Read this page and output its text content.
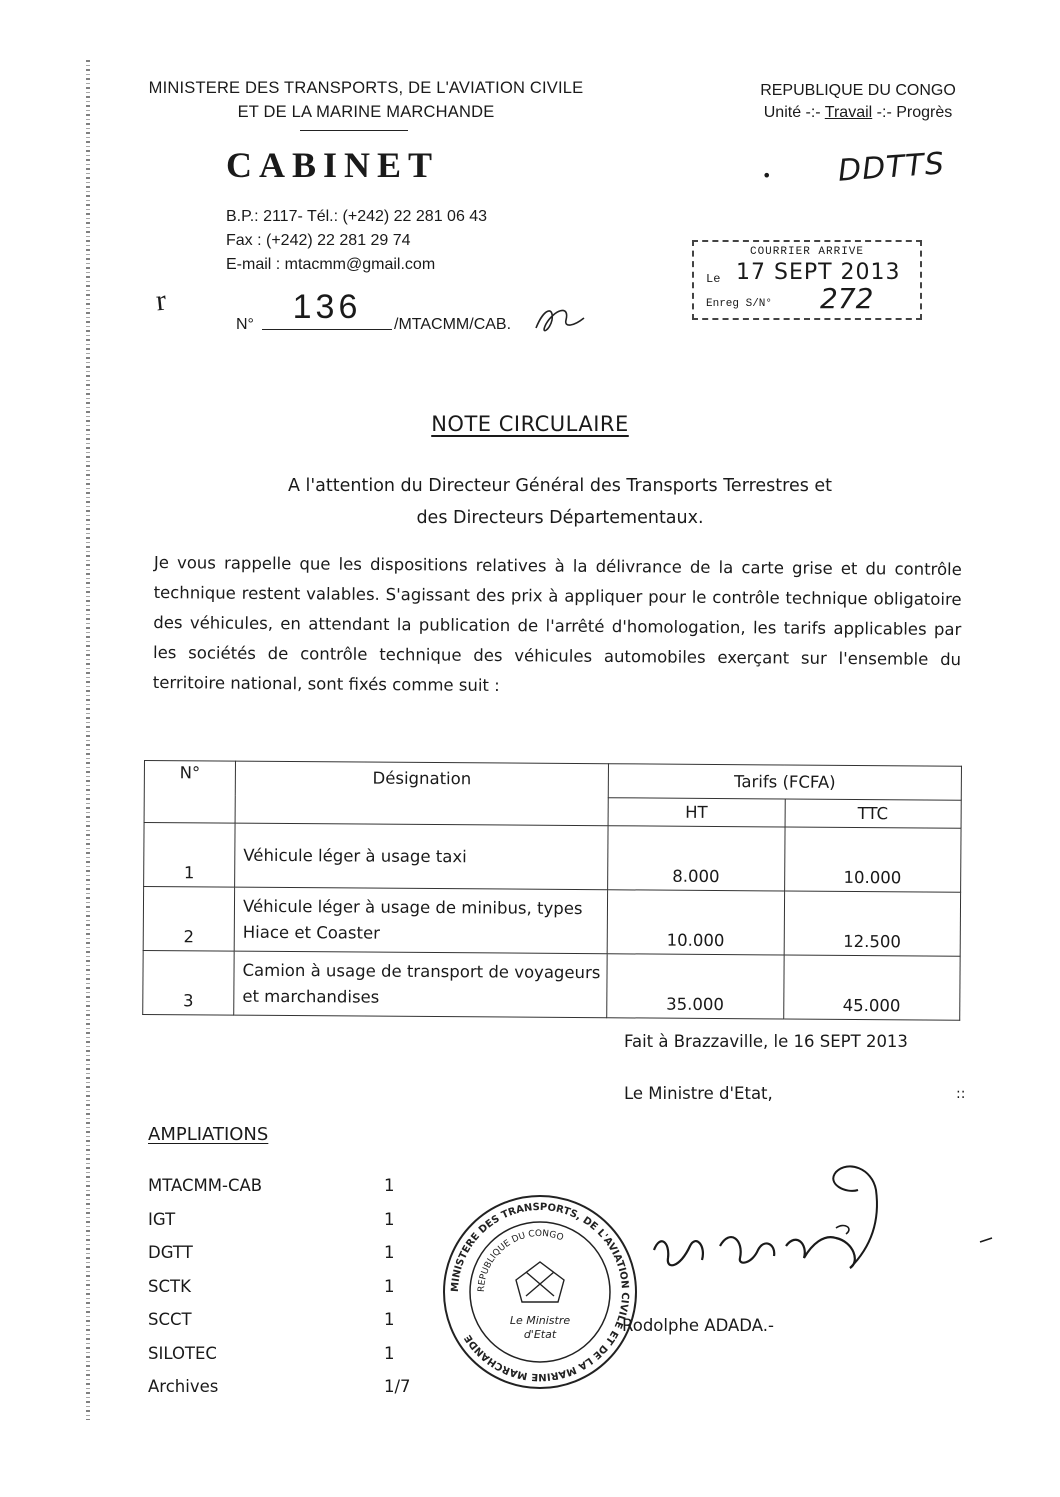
MINISTERE DES TRANSPORTS, DE L'AVIATION CIVILE
ET DE LA MARINE MARCHANDE
REPUBLIQUE DU CONGO
Unité -:- Travail -:- Progrès
CABINET
B.P.: 2117- Tél.: (+242) 22 281 06 43
Fax : (+242) 22 281 29 74
E-mail : mtacmm@gmail.com
• DDTTS
r
N°	136	/MTACMM/CAB.
COURRIER ARRIVE
Le 17 SEPT 2013
Enreg S/N° 272
NOTE CIRCULAIRE
A l'attention du Directeur Général des Transports Terrestres et
des Directeurs Départementaux.
Je vous rappelle que les dispositions relatives à la délivrance de la carte grise et du contrôle technique restent valables. S'agissant des prix à appliquer pour le contrôle technique obligatoire des véhicules, en attendant la publication de l'arrêté d'homologation, les tarifs applicables par les sociétés de contrôle technique des véhicules automobiles exerçant sur l'ensemble du territoire national, sont fixés comme suit :
N°	Désignation	Tarifs (FCFA)	
		HT	TTC
1	Véhicule léger à usage taxi	8.000	10.000
2	Véhicule léger à usage de minibus, types Hiace et Coaster	10.000	12.500
3	Camion à usage de transport de voyageurs et marchandises	35.000	45.000
Fait à Brazzaville, le 16 SEPT 2013
Le Ministre d'Etat,	::
AMPLIATIONS
MTACMM-CAB	1
IGT	1
DGTT	1
SCTK	1
SCCT	1
SILOTEC	1
Archives	1/7
MINISTERE DES TRANSPORTS, DE L'AVIATION CIVILE ET DE LA MARINE MARCHANDE
REPUBLIQUE DU CONGO
Le Ministre
d'Etat	Rodolphe ADADA.-
